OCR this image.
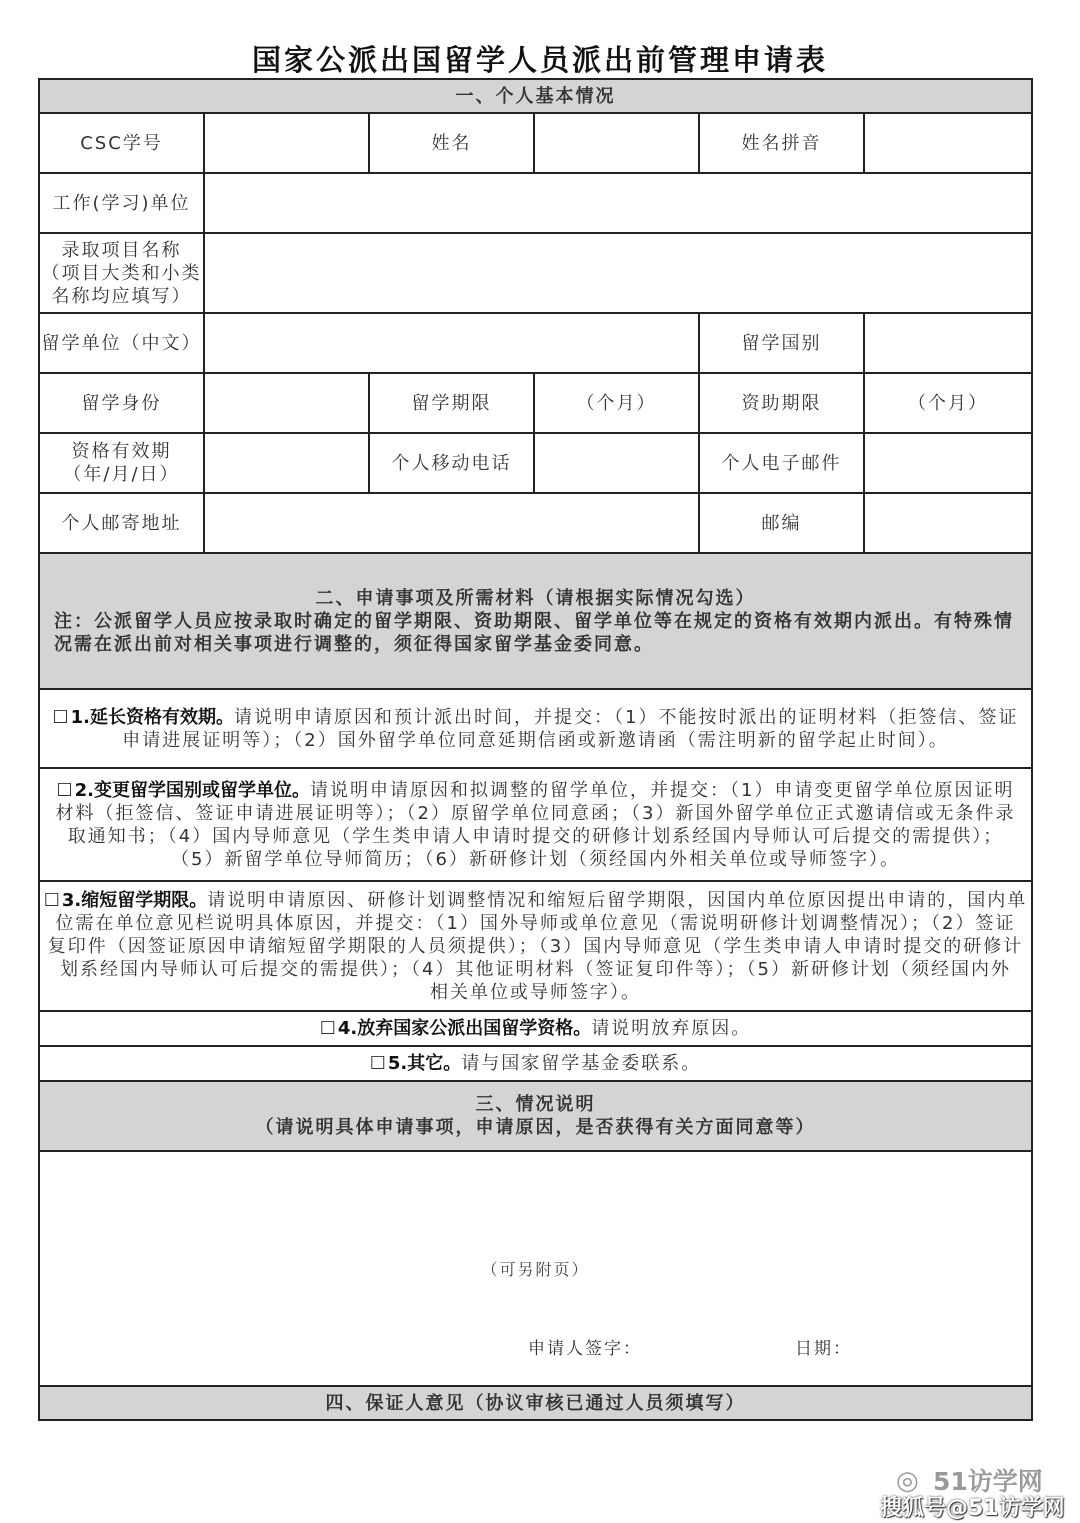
国家公派出国留学人员派出前管理申请表
一、个人基本情况					
CSC学号		姓名		姓名拼音	
工作(学习)单位					

录取项目名称
（项目大类和小类
名称均应填写）					

留学单位（中文）				留学国别	
留学身份		留学期限	（个月）	资助期限	（个月）

资格有效期
（年/月/日）		个人移动电话		个人电子邮件	
个人邮寄地址				邮编	

二、申请事项及所需材料（请根据实际情况勾选）
注：公派留学人员应按录取时确定的留学期限、资助期限、留学单位等在规定的资格有效期内派出。有特殊情况需在派出前对相关事项进行调整的，须征得国家留学基金委同意。					

☐1.延长资格有效期。请说明申请原因和预计派出时间，并提交：（1）不能按时派出的证明材料（拒签信、签证
申请进展证明等）；（2）国外留学单位同意延期信函或新邀请函（需注明新的留学起止时间）。					

☐2.变更留学国别或留学单位。请说明申请原因和拟调整的留学单位，并提交：（1）申请变更留学单位原因证明
材料（拒签信、签证申请进展证明等）；（2）原留学单位同意函；（3）新国外留学单位正式邀请信或无条件录
取通知书；（4）国内导师意见（学生类申请人申请时提交的研修计划系经国内导师认可后提交的需提供）；
（5）新留学单位导师简历；（6）新研修计划（须经国内外相关单位或导师签字）。					

☐3.缩短留学期限。请说明申请原因、研修计划调整情况和缩短后留学期限，因国内单位原因提出申请的，国内单
位需在单位意见栏说明具体原因，并提交：（1）国外导师或单位意见（需说明研修计划调整情况）；（2）签证
复印件（因签证原因申请缩短留学期限的人员须提供）；（3）国内导师意见（学生类申请人申请时提交的研修计
划系经国内导师认可后提交的需提供）；（4）其他证明材料（签证复印件等）；（5）新研修计划（须经国内外
相关单位或导师签字）。					

☐4.放弃国家公派出国留学资格。请说明放弃原因。					
☐5.其它。请与国家留学基金委联系。					

三、情况说明
（请说明具体申请事项，申请原因，是否获得有关方面同意等）					

（可另附页）
申请人签字： 日期：					

四、保证人意见（协议审核已通过人员须填写）					
◎ 51访学网
搜狐号@51访学网
